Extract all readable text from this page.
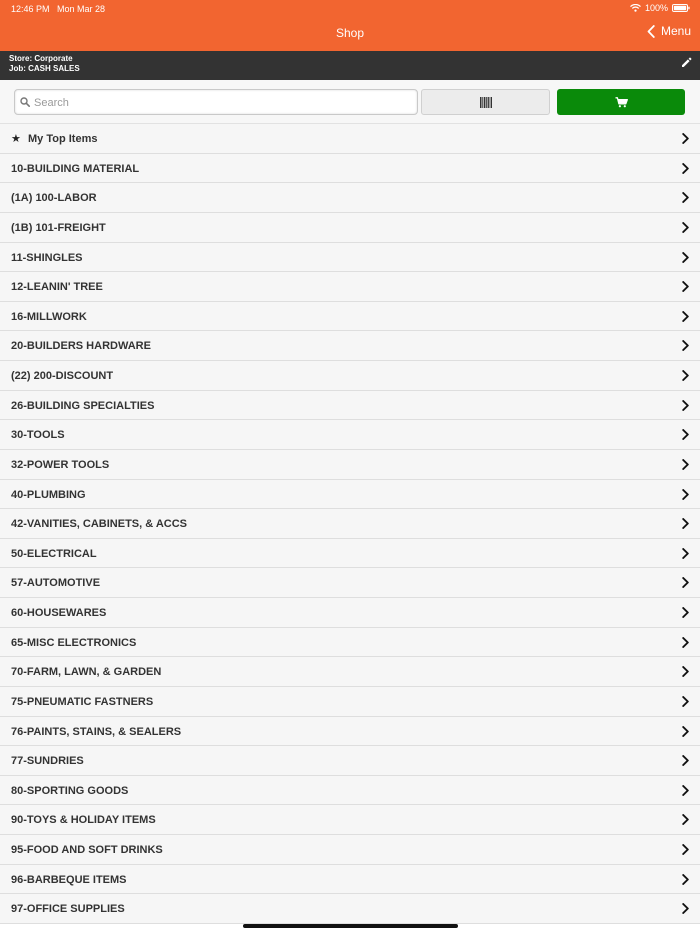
12:46 PM Mon Mar 28	100%
Shop	Menu
Store: Corporate
Job: CASH SALES
Search
★ My Top Items
10-BUILDING MATERIAL
(1A) 100-LABOR
(1B) 101-FREIGHT
11-SHINGLES
12-LEANIN' TREE
16-MILLWORK
20-BUILDERS HARDWARE
(22) 200-DISCOUNT
26-BUILDING SPECIALTIES
30-TOOLS
32-POWER TOOLS
40-PLUMBING
42-VANITIES, CABINETS, & ACCS
50-ELECTRICAL
57-AUTOMOTIVE
60-HOUSEWARES
65-MISC ELECTRONICS
70-FARM, LAWN, & GARDEN
75-PNEUMATIC FASTNERS
76-PAINTS, STAINS, & SEALERS
77-SUNDRIES
80-SPORTING GOODS
90-TOYS & HOLIDAY ITEMS
95-FOOD AND SOFT DRINKS
96-BARBEQUE ITEMS
97-OFFICE SUPPLIES
